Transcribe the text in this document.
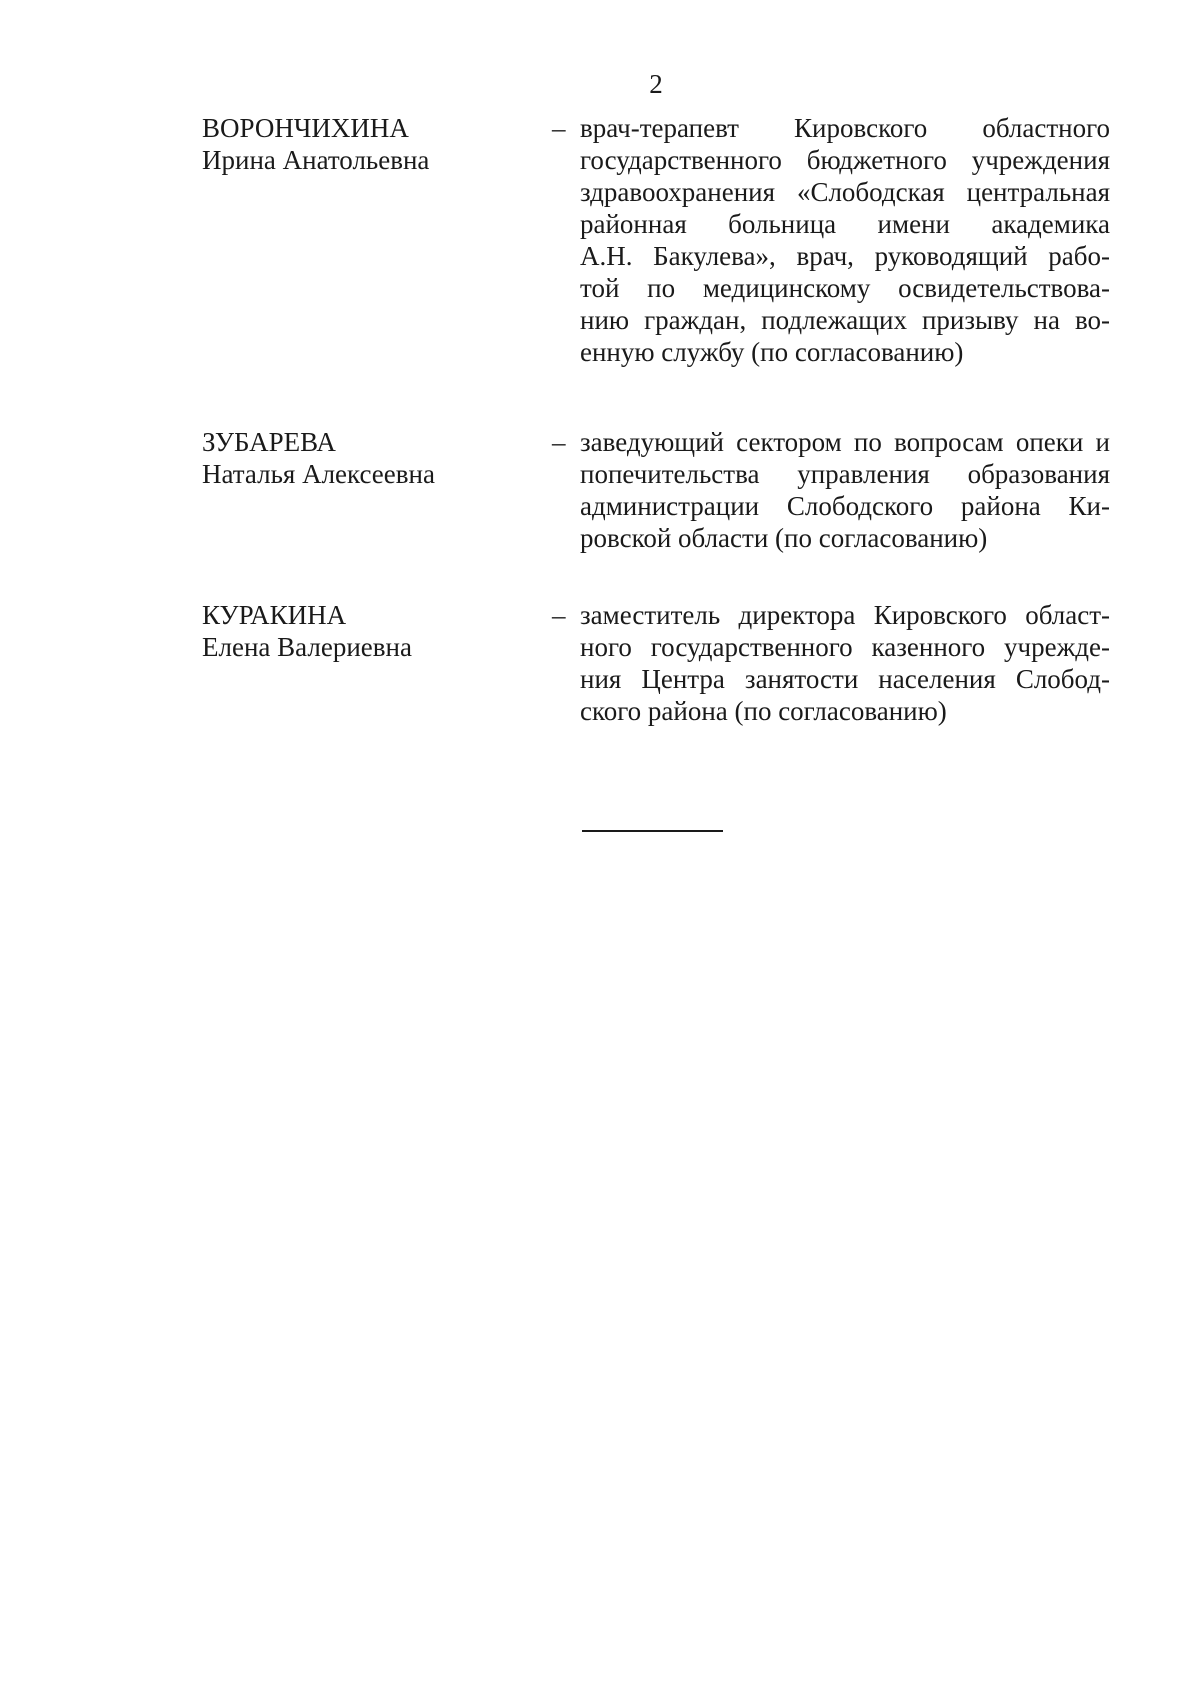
2
ВОРОНЧИХИНА
Ирина Анатольевна
– врач-терапевт Кировского областного
государственного бюджетного учреждения
здравоохранения «Слободская центральная
районная больница имени академика
А.Н. Бакулева», врач, руководящий рабо-
той по медицинскому освидетельствова-
нию граждан, подлежащих призыву на во-
енную службу (по согласованию)
ЗУБАРЕВА
Наталья Алексеевна
– заведующий сектором по вопросам опеки и
попечительства управления образования
администрации Слободского района Ки-
ровской области (по согласованию)
КУРАКИНА
Елена Валериевна
– заместитель директора Кировского област-
ного государственного казенного учрежде-
ния Центра занятости населения Слобод-
ского района (по согласованию)
